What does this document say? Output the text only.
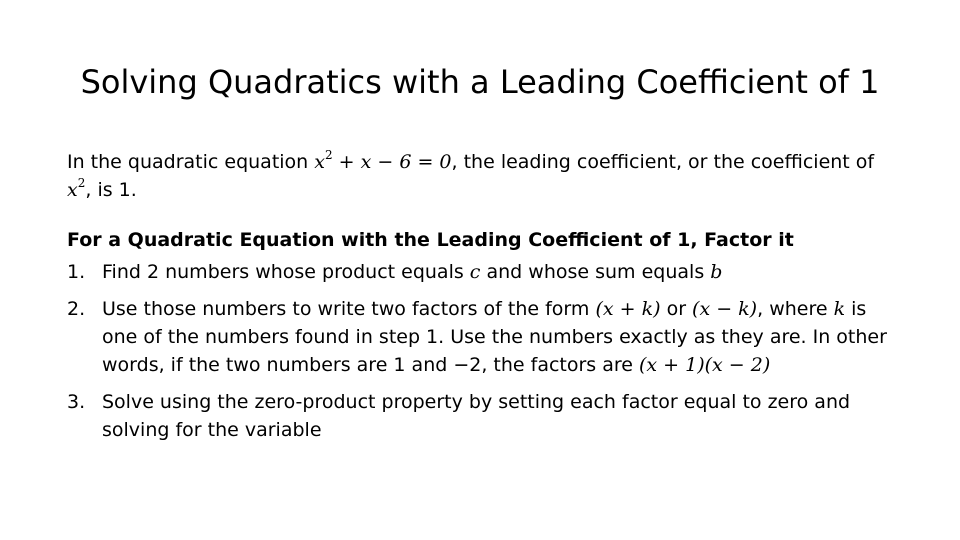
Solving Quadratics with a Leading Coefficient of 1

In the quadratic equation $x^2 + x - 6 = 0$, the leading coefficient, or the coefficient of $x^2$, is 1.

For a Quadratic Equation with the Leading Coefficient of 1, Factor it

1. Find 2 numbers whose product equals c and whose sum equals b
2. Use those numbers to write two factors of the form (x + k) or (x − k), where k is one of the numbers found in step 1. Use the numbers exactly as they are. In other words, if the two numbers are 1 and −2, the factors are (x + 1)(x − 2)
3. Solve using the zero-product property by setting each factor equal to zero and solving for the variable
